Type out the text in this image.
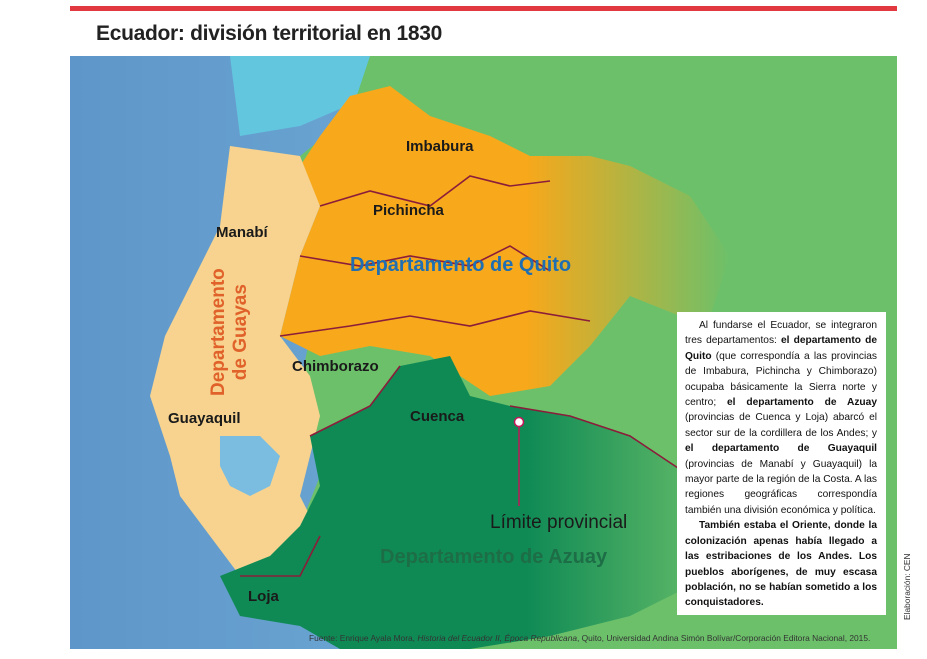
Ecuador: división territorial en 1830
Imbabura
Pichincha
Manabí
Departamento de Quito
Chimborazo
Guayaquil	Cuenca
Límite provincial
Departamento de Azuay
Loja
Departamento de Guayas	Al fundarse el Ecuador, se integraron tres departamentos: el departamento de Quito (que correspondía a las provincias de Imbabura, Pichincha y Chimborazo) ocupaba básicamente la Sierra norte y centro; el departamento de Azuay (provincias de Cuenca y Loja) abarcó el sector sur de la cordillera de los Andes; y el departamento de Guayaquil (provincias de Manabí y Guayaquil) la mayor parte de la región de la Costa. A las regiones geográficas correspondía también una división económica y política.

También estaba el Oriente, donde la colonización apenas había llegado a las estribaciones de los Andes. Los pueblos aborígenes, de muy escasa población, no se habían sometido a los conquistadores.

Fuente: Enrique Ayala Mora, Historia del Ecuador II, Época Republicana, Quito, Universidad Andina Simón Bolívar/Corporación Editora Nacional, 2015.
Elaboración: CEN
